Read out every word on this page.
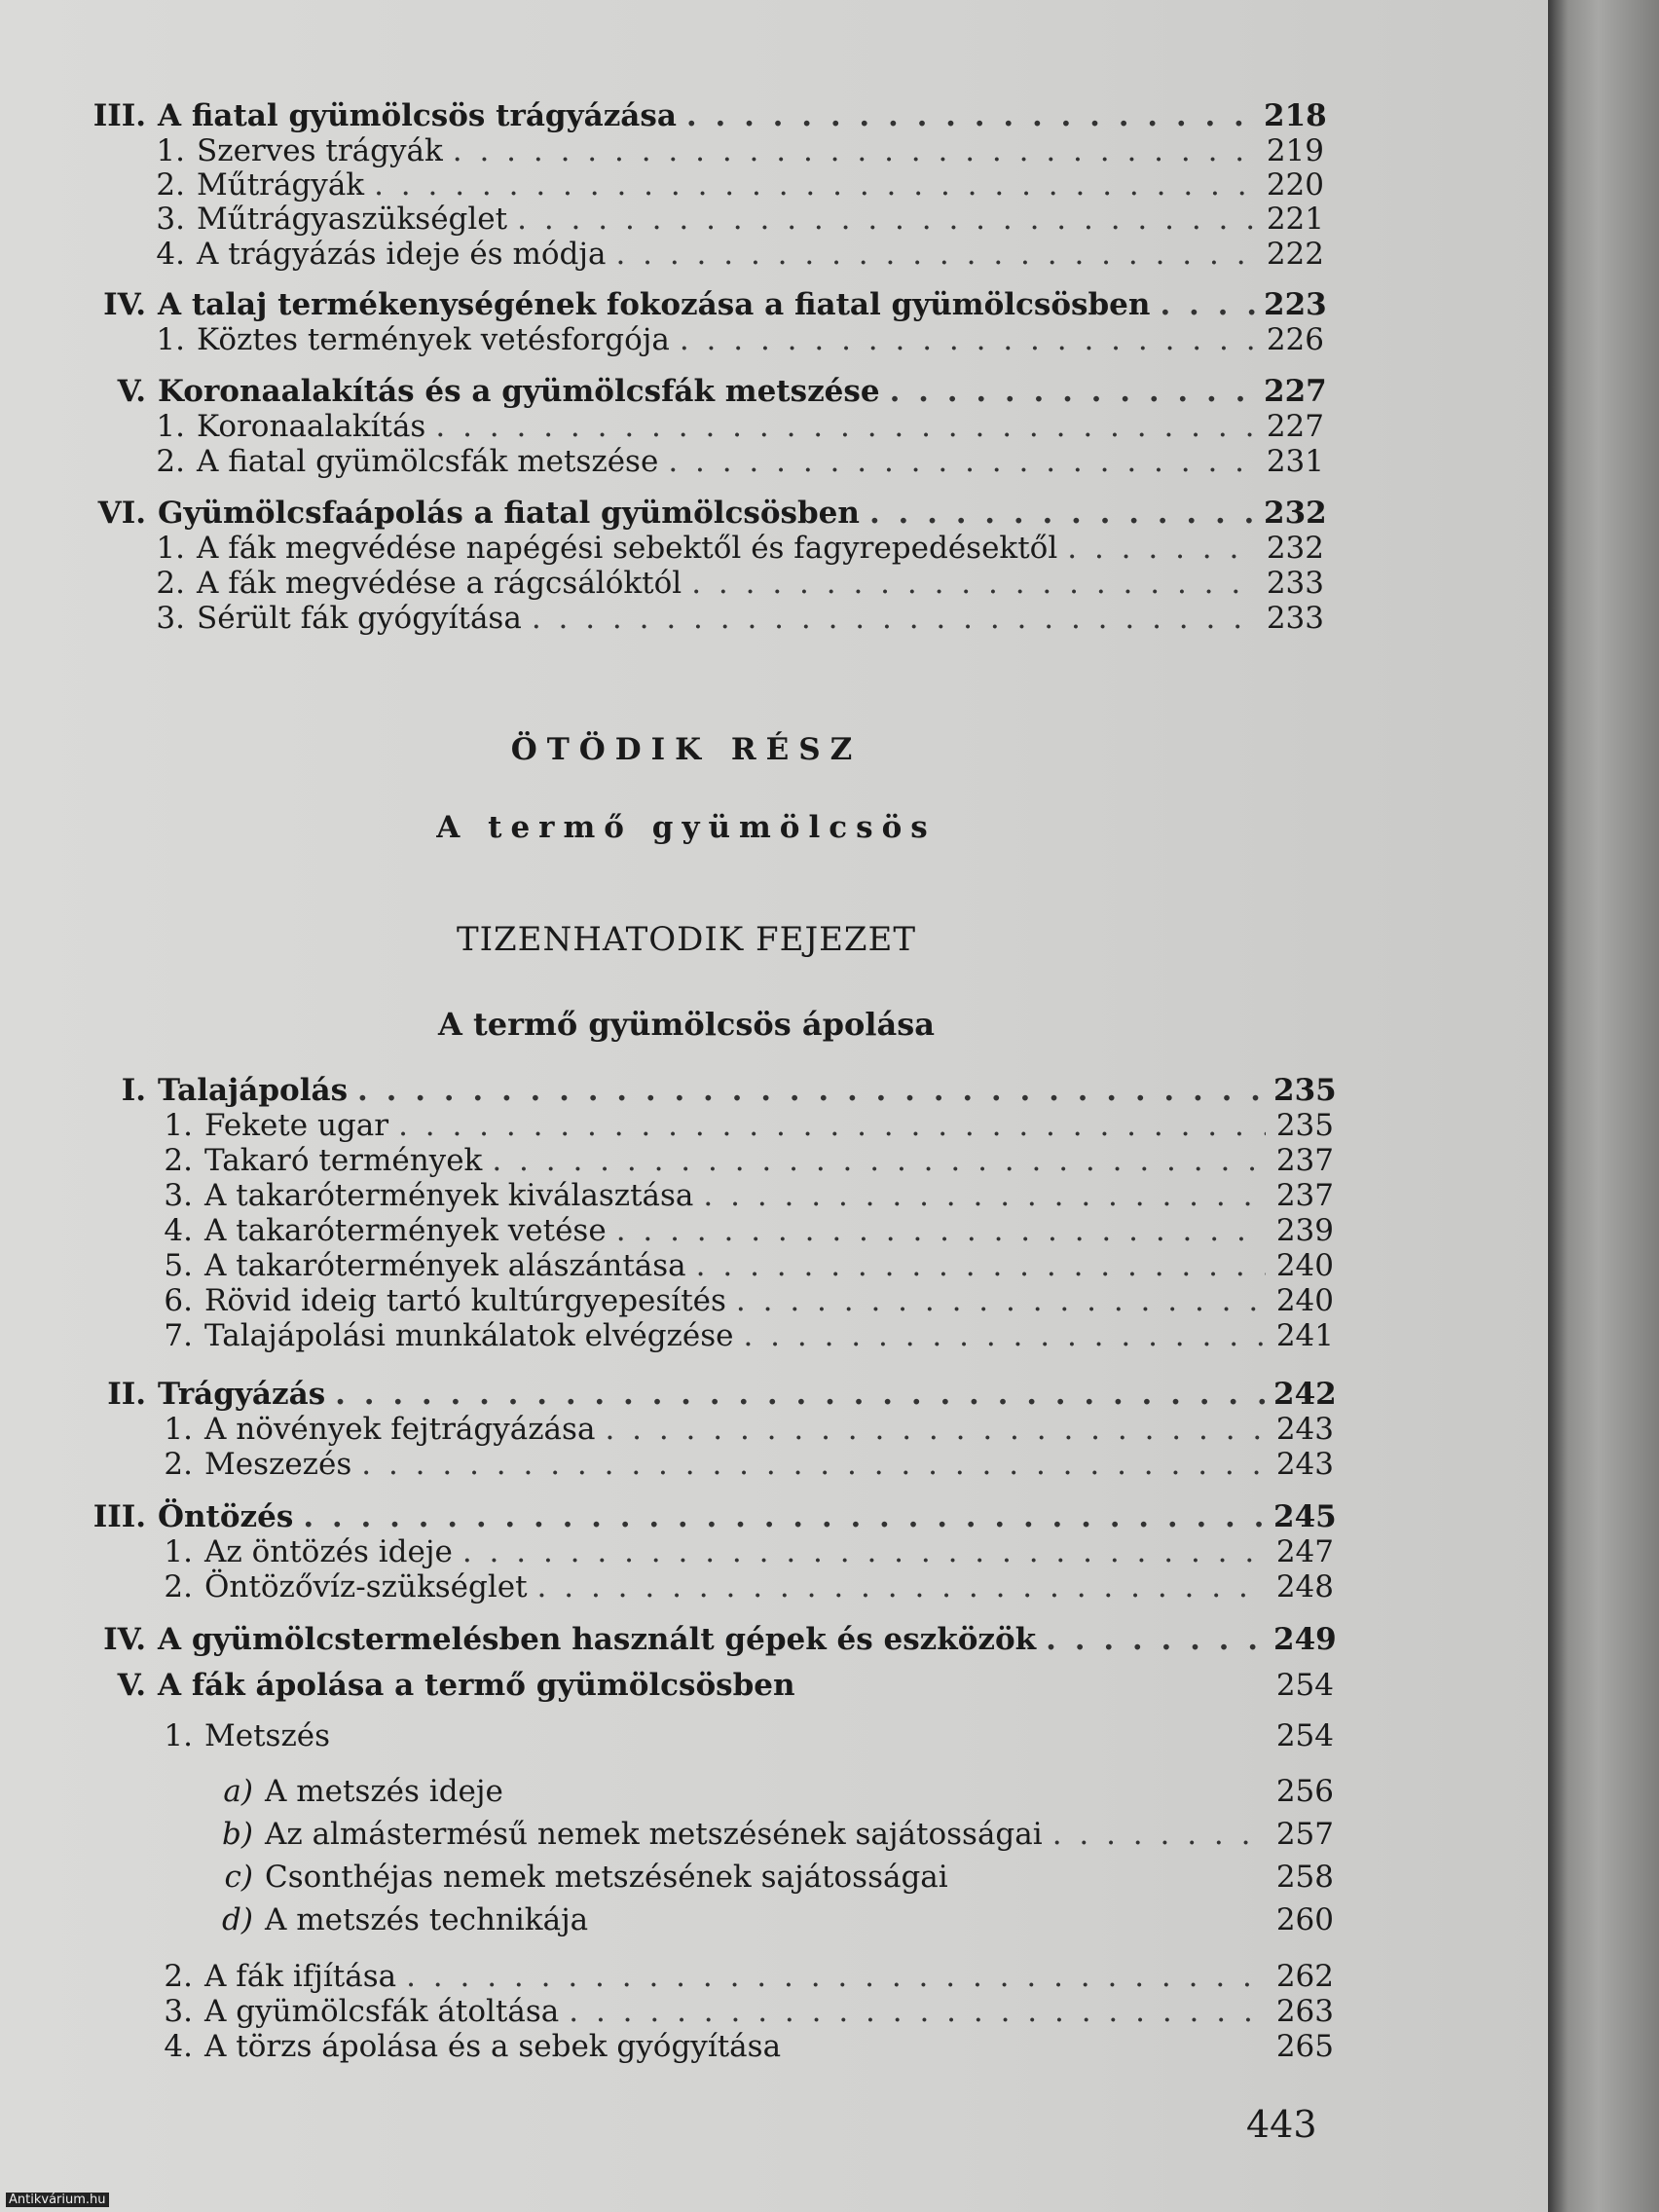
III. A fiatal gyümölcsös trágyázása . . .	218
1. Szerves trágyák . . .	219
2. Műtrágyák . . .	220
3. Műtrágyaszükséglet . . .	221
4. A trágyázás ideje és módja . . .	222
IV. A talaj termékenységének fokozása a fiatal gyümölcsösben . . .	223
1. Köztes termények vetésforgója . . .	226
V. Koronaalakítás és a gyümölcsfák metszése . . .	227
1. Koronaalakítás . . .	227
2. A fiatal gyümölcsfák metszése . . .	231
VI. Gyümölcsfaápolás a fiatal gyümölcsösben . . .	232
1. A fák megvédése napégési sebektől és fagyrepedésektől . . .	232
2. A fák megvédése a rágcsálóktól . . .	233
3. Sérült fák gyógyítása . . .	233
ÖTÖDIK RÉSZ
A termő gyümölcsös
TIZENHATODIK FEJEZET
A termő gyümölcsös ápolása
I. Talajápolás . . .	235
1. Fekete ugar . . .	235
2. Takaró termények . . .	237
3. A takarótermények kiválasztása . . .	237
4. A takarótermények vetése . . .	239
5. A takarótermények alászántása . . .	240
6. Rövid ideig tartó kultúrgyepesítés . . .	240
7. Talajápolási munkálatok elvégzése . . .	241
II. Trágyázás . . .	242
1. A növények fejtrágyázása . . .	243
2. Meszezés . . .	243
III. Öntözés . . .	245
1. Az öntözés ideje . . .	247
2. Öntözővíz-szükséglet . . .	248
IV. A gyümölcstermelésben használt gépek és eszközök . . .	249
V. A fák ápolása a termő gyümölcsösben	254
1. Metszés	254
a) A metszés ideje	256
b) Az almástermésű nemek metszésének sajátosságai . . .	257
c) Csonthéjas nemek metszésének sajátosságai	258
d) A metszés technikája	260
2. A fák ifjítása . . .	262
3. A gyümölcsfák átoltása . . .	263
4. A törzs ápolása és a sebek gyógyítása	265
443
Antikvárium.hu
